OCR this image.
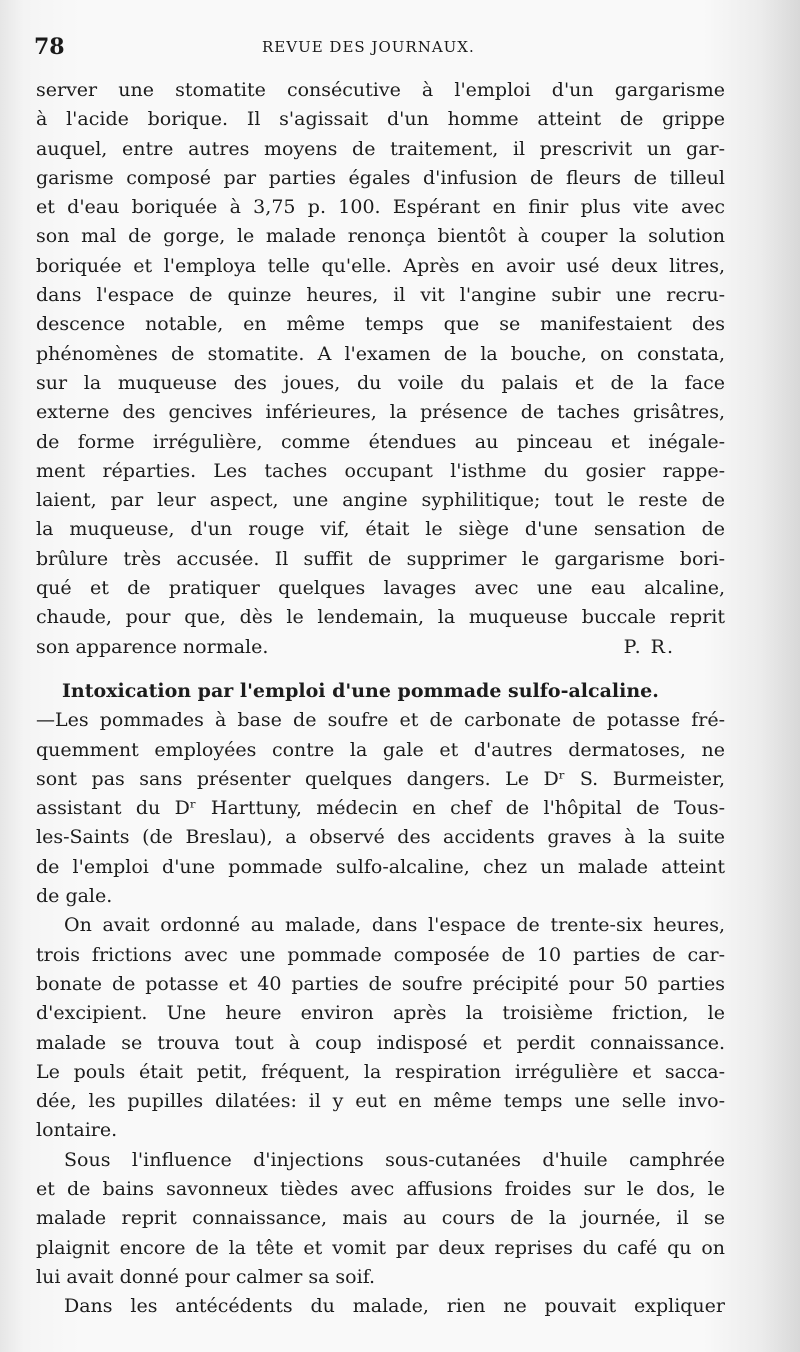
78	REVUE DES JOURNAUX.
server une stomatite consécutive à l'emploi d'un gargarisme
à l'acide borique. Il s'agissait d'un homme atteint de grippe
auquel, entre autres moyens de traitement, il prescrivit un gar-
garisme composé par parties égales d'infusion de fleurs de tilleul
et d'eau boriquée à 3,75 p. 100. Espérant en finir plus vite avec
son mal de gorge, le malade renonça bientôt à couper la solution
boriquée et l'employa telle qu'elle. Après en avoir usé deux litres,
dans l'espace de quinze heures, il vit l'angine subir une recru-
descence notable, en même temps que se manifestaient des
phénomènes de stomatite. A l'examen de la bouche, on constata,
sur la muqueuse des joues, du voile du palais et de la face
externe des gencives inférieures, la présence de taches grisâtres,
de forme irrégulière, comme étendues au pinceau et inégale-
ment réparties. Les taches occupant l'isthme du gosier rappe-
laient, par leur aspect, une angine syphilitique; tout le reste de
la muqueuse, d'un rouge vif, était le siège d'une sensation de
brûlure très accusée. Il suffit de supprimer le gargarisme bori-
qué et de pratiquer quelques lavages avec une eau alcaline,
chaude, pour que, dès le lendemain, la muqueuse buccale reprit
son apparence normale.	P. R.
Intoxication par l'emploi d'une pommade sulfo-alcaline.
—Les pommades à base de soufre et de carbonate de potasse fré-
quemment employées contre la gale et d'autres dermatoses, ne
sont pas sans présenter quelques dangers. Le Dʳ S. Burmeister,
assistant du Dʳ Harttuny, médecin en chef de l'hôpital de Tous-
les-Saints (de Breslau), a observé des accidents graves à la suite
de l'emploi d'une pommade sulfo-alcaline, chez un malade atteint
de gale.
On avait ordonné au malade, dans l'espace de trente-six heures,
trois frictions avec une pommade composée de 10 parties de car-
bonate de potasse et 40 parties de soufre précipité pour 50 parties
d'excipient. Une heure environ après la troisième friction, le
malade se trouva tout à coup indisposé et perdit connaissance.
Le pouls était petit, fréquent, la respiration irrégulière et sacca-
dée, les pupilles dilatées: il y eut en même temps une selle invo-
lontaire.
Sous l'influence d'injections sous-cutanées d'huile camphrée
et de bains savonneux tièdes avec affusions froides sur le dos, le
malade reprit connaissance, mais au cours de la journée, il se
plaignit encore de la tête et vomit par deux reprises du café qu on
lui avait donné pour calmer sa soif.
Dans les antécédents du malade, rien ne pouvait expliquer
